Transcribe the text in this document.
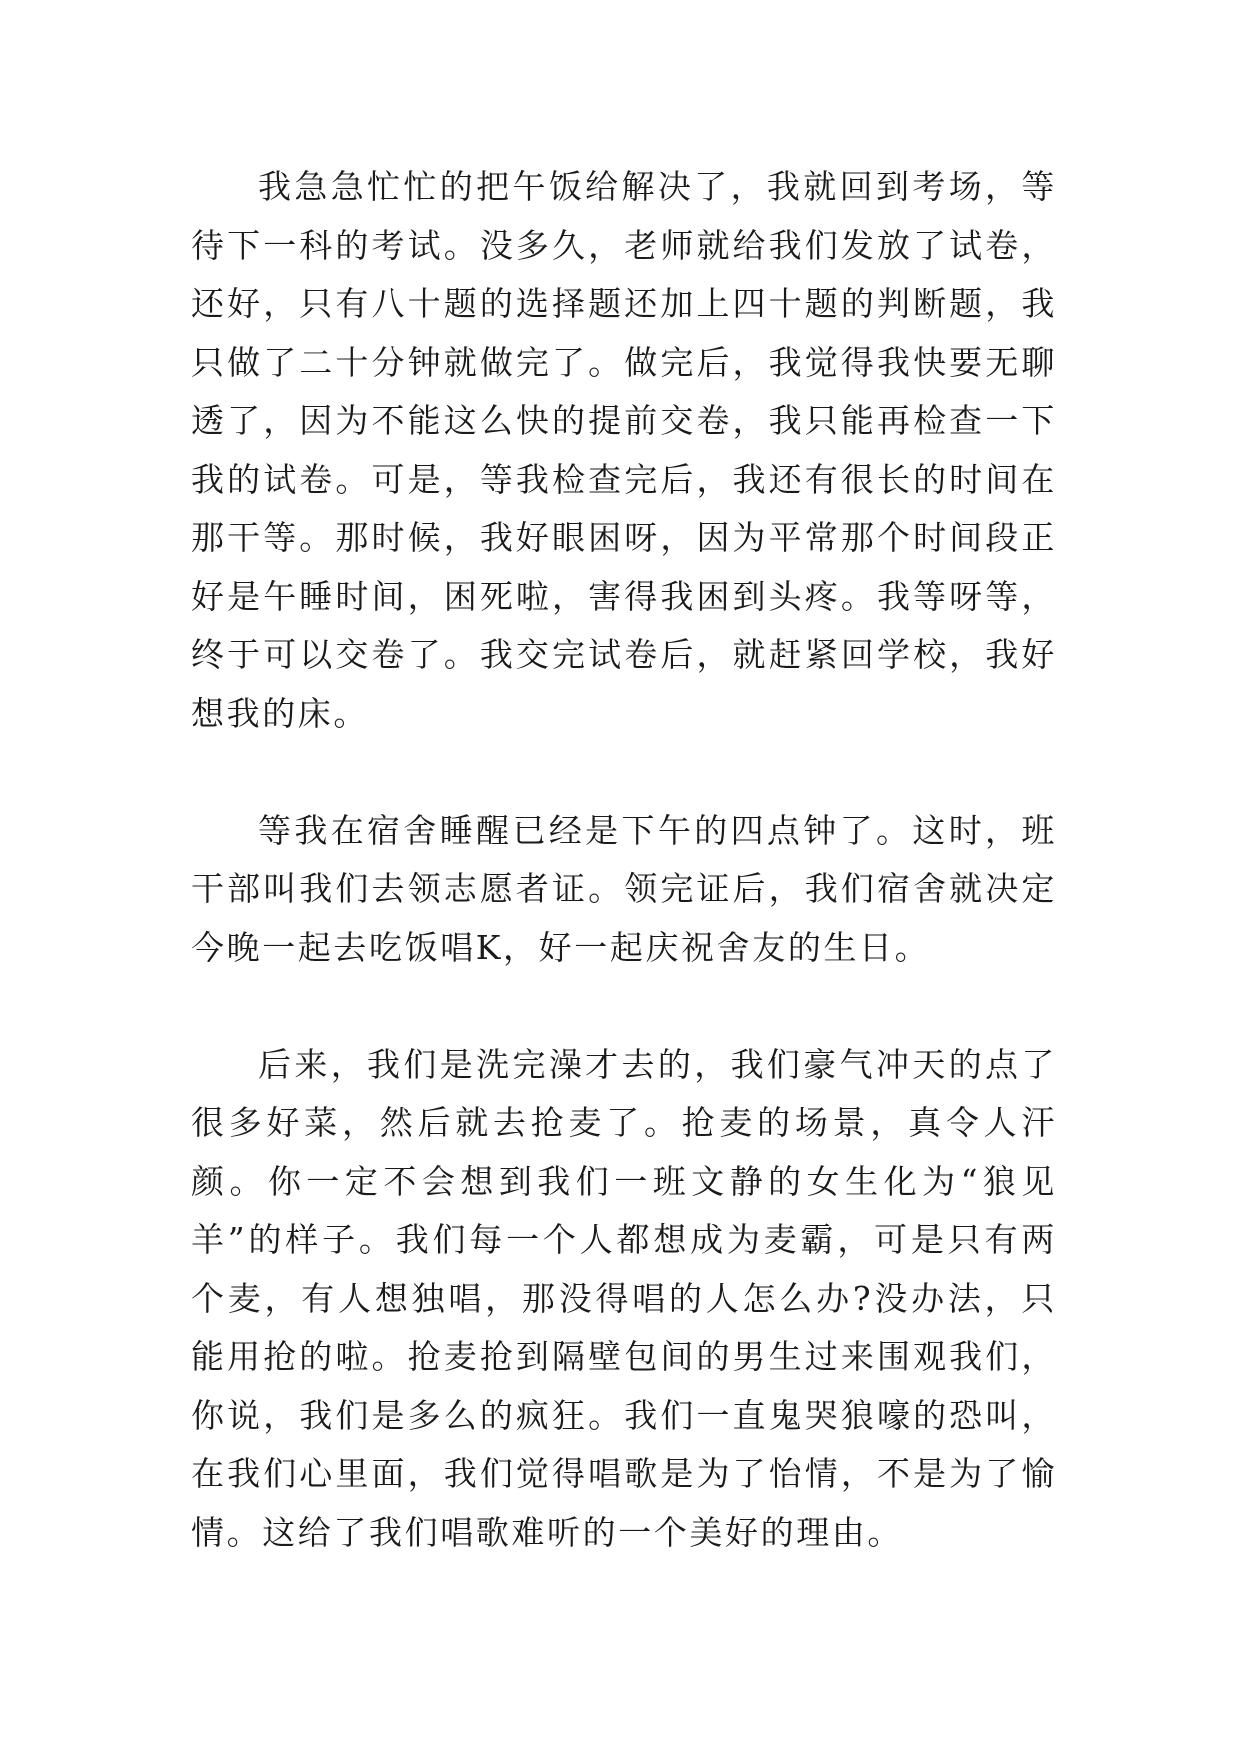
我急急忙忙的把午饭给解决了，我就回到考场，等待下一科的考试。没多久，老师就给我们发放了试卷，还好，只有八十题的选择题还加上四十题的判断题，我只做了二十分钟就做完了。做完后，我觉得我快要无聊透了，因为不能这么快的提前交卷，我只能再检查一下我的试卷。可是，等我检查完后，我还有很长的时间在那干等。那时候，我好眼困呀，因为平常那个时间段正好是午睡时间，困死啦，害得我困到头疼。我等呀等，终于可以交卷了。我交完试卷后，就赶紧回学校，我好想我的床。

等我在宿舍睡醒已经是下午的四点钟了。这时，班干部叫我们去领志愿者证。领完证后，我们宿舍就决定今晚一起去吃饭唱K，好一起庆祝舍友的生日。

后来，我们是洗完澡才去的，我们豪气冲天的点了很多好菜，然后就去抢麦了。抢麦的场景，真令人汗颜。你一定不会想到我们一班文静的女生化为“狼见羊”的样子。我们每一个人都想成为麦霸，可是只有两个麦，有人想独唱，那没得唱的人怎么办?没办法，只能用抢的啦。抢麦抢到隔壁包间的男生过来围观我们，你说，我们是多么的疯狂。我们一直鬼哭狼嚎的恐叫，在我们心里面，我们觉得唱歌是为了怡情，不是为了愉情。这给了我们唱歌难听的一个美好的理由。
